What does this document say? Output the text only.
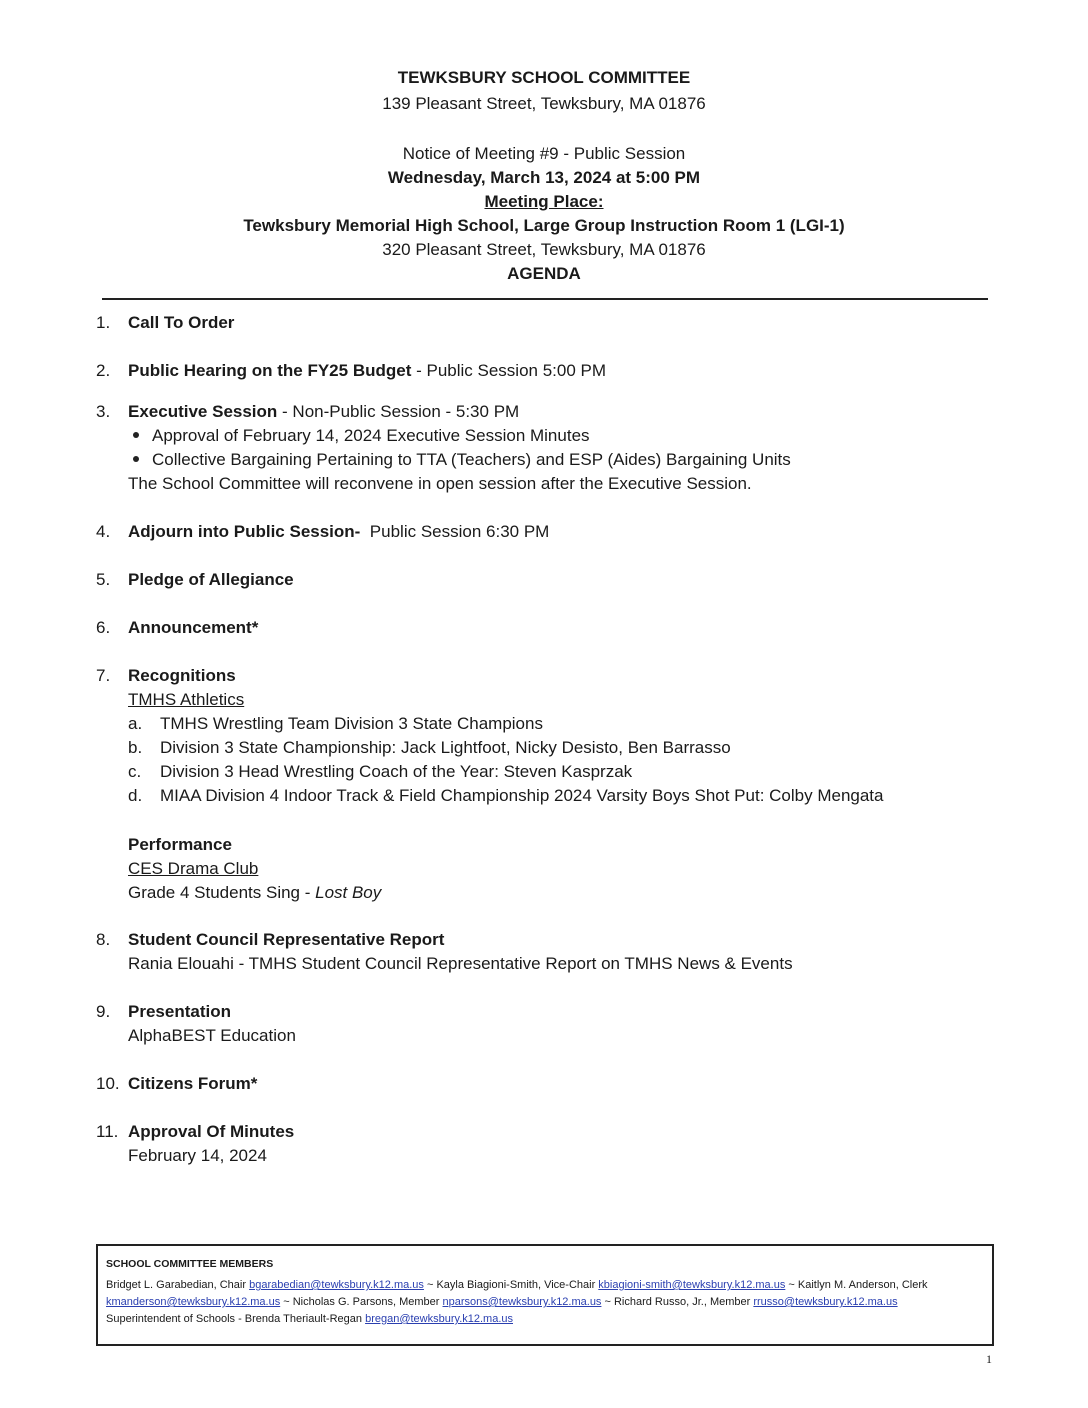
TEWKSBURY SCHOOL COMMITTEE
139 Pleasant Street, Tewksbury, MA 01876
Notice of Meeting #9 - Public Session
Wednesday, March 13, 2024 at 5:00 PM
Meeting Place:
Tewksbury Memorial High School, Large Group Instruction Room 1 (LGI-1)
320 Pleasant Street, Tewksbury, MA 01876
AGENDA
1. Call To Order
2. Public Hearing on the FY25 Budget - Public Session 5:00 PM
3. Executive Session - Non-Public Session - 5:30 PM
Approval of February 14, 2024 Executive Session Minutes
Collective Bargaining Pertaining to TTA (Teachers) and ESP (Aides) Bargaining Units
The School Committee will reconvene in open session after the Executive Session.
4. Adjourn into Public Session-  Public Session 6:30 PM
5. Pledge of Allegiance
6. Announcement*
7. Recognitions
TMHS Athletics
a. TMHS Wrestling Team Division 3 State Champions
b. Division 3 State Championship: Jack Lightfoot, Nicky Desisto, Ben Barrasso
c. Division 3 Head Wrestling Coach of the Year: Steven Kasprzak
d. MIAA Division 4 Indoor Track & Field Championship 2024 Varsity Boys Shot Put: Colby Mengata
Performance
CES Drama Club
Grade 4 Students Sing - Lost Boy
8. Student Council Representative Report
Rania Elouahi - TMHS Student Council Representative Report on TMHS News & Events
9. Presentation
AlphaBEST Education
10. Citizens Forum*
11. Approval Of Minutes
February 14, 2024
SCHOOL COMMITTEE MEMBERS
Bridget L. Garabedian, Chair bgarabedian@tewksbury.k12.ma.us ~ Kayla Biagioni-Smith, Vice-Chair kbiagioni-smith@tewksbury.k12.ma.us ~ Kaitlyn M. Anderson, Clerk
kmanderson@tewksbury.k12.ma.us ~ Nicholas G. Parsons, Member nparsons@tewksbury.k12.ma.us ~ Richard Russo, Jr., Member rrusso@tewksbury.k12.ma.us
Superintendent of Schools - Brenda Theriault-Regan bregan@tewksbury.k12.ma.us
1
